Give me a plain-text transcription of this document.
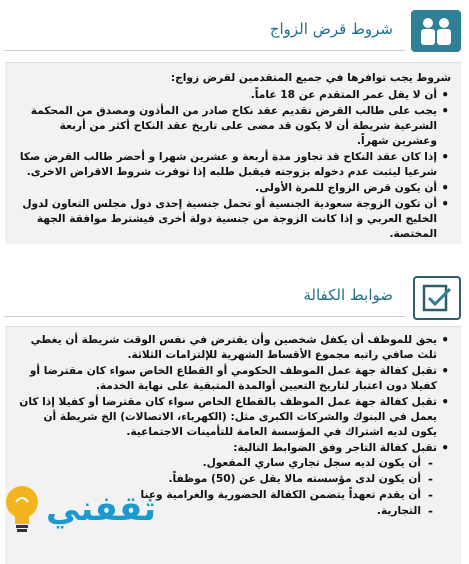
شروط قرض الزواج
شروط يجب توافرها في جميع المتقدمين لقرض زواج:
• أن لا يقل عمر المتقدم عن 18 عاماً.
• يجب على طالب القرض تقديم عقد نكاح صادر من المأذون ومصدق من المحكمة الشرعية شريطة أن لا يكون قد مضى على تاريخ عقد النكاح أكثر من أربعة وعشرين شهراً.
• إذا كان عقد النكاح قد تجاوز مدة أربعة و عشرين شهرا و أحضر طالب القرض صكا شرعيا ليثبت عدم دخوله بزوجته فيقبل طلبه إذا توفرت شروط الاقراض الاخرى.
• أن يكون قرض الزواج للمرة الأولى.
• أن تكون الزوجة سعودية الجنسية أو تحمل جنسية إحدى دول مجلس التعاون لدول الخليج العربي و إذا كانت الزوجة من جنسية دولة أخرى فيشترط موافقة الجهة المختصة.
ضوابط الكفالة
• يحق للموظف أن يكفل شخصين وأن يقترض في نفس الوقت شريطة أن يغطي ثلث صافي راتبه مجموع الأقساط الشهرية للإلتزامات الثلاثة.
• تقبل كفالة جهة عمل الموظف الحكومي أو القطاع الخاص سواء كان مقترضا أو كفيلا دون اعتبار لتاريخ التعيين أوالمدة المتبقية على نهاية الخدمة.
• تقبل كفالة جهة عمل الموظف بالقطاع الخاص سواء كان مقترضا أو كفيلا إذا كان يعمل في البنوك والشركات الكبرى مثل: (الكهرباء، الاتصالات) الخ شريطة أن يكون لديه اشتراك في المؤسسة العامة للتأمينات الاجتماعية.
• تقبل كفالة التاجر وفق الضوابط التالية:
- أن يكون لديه سجل تجاري ساري المفعول.
- أن يكون لدى مؤسسته مالا يقل عن (50) موظفاً.
- أن يقدم تعهداً يتضمن الكفالة الحضورية والغرامية وعنا
- التجارية.
ثقفني
